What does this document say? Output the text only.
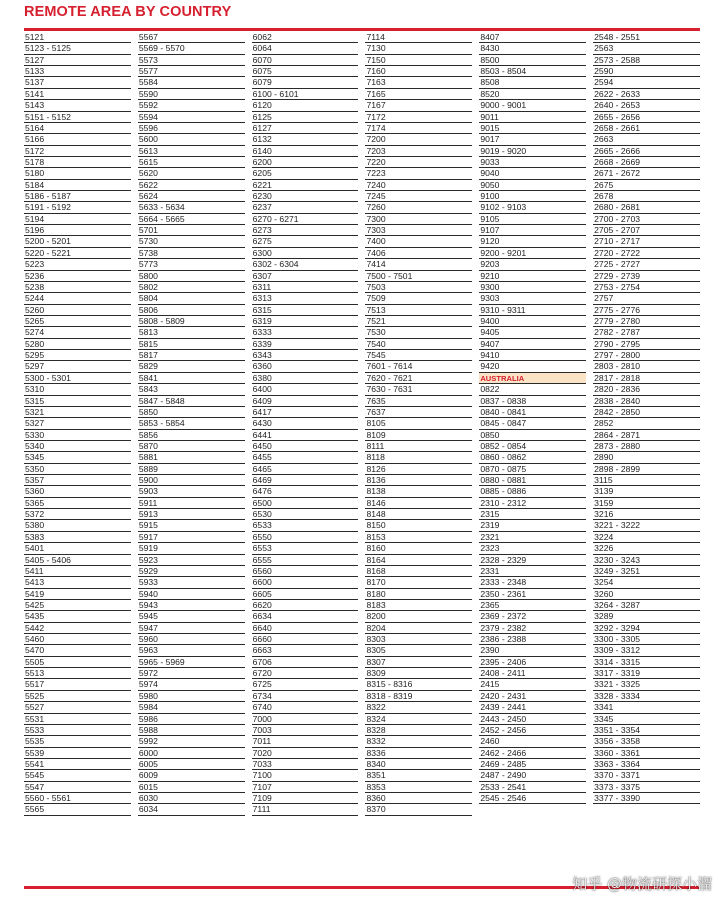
REMOTE AREA BY COUNTRY
5121
5123 - 5125
5127
5133
5137
5141
5143
5151 - 5152
5164
5166
5172
5178
5180
5184
5186 - 5187
5191 - 5192
5194
5196
5200 - 5201
5220 - 5221
5223
5236
5238
5244
5260
5265
5274
5280
5295
5297
5300 - 5301
5310
5315
5321
5327
5330
5340
5345
5350
5357
5360
5365
5372
5380
5383
5401
5405 - 5406
5411
5413
5419
5425
5435
5442
5460
5470
5505
5513
5517
5525
5527
5531
5533
5535
5539
5541
5545
5547
5560 - 5561
5565
5567
5569 - 5570
5573
5577
5584
5590
5592
5594
5596
5600
5613
5615
5620
5622
5624
5633 - 5634
5664 - 5665
5701
5730
5738
5773
5800
5802
5804
5806
5808 - 5809
5813
5815
5817
5829
5841
5843
5847 - 5848
5850
5853 - 5854
5856
5870
5881
5889
5900
5903
5911
5913
5915
5917
5919
5923
5929
5933
5940
5943
5945
5947
5960
5963
5965 - 5969
5972
5974
5980
5984
5986
5988
5992
6000
6005
6009
6015
6030
6034
6062
6064
6070
6075
6079
6100 - 6101
6120
6125
6127
6132
6140
6200
6205
6221
6230
6237
6270 - 6271
6273
6275
6300
6302 - 6304
6307
6311
6313
6315
6319
6333
6339
6343
6360
6380
6400
6409
6417
6430
6441
6450
6455
6465
6469
6476
6500
6530
6533
6550
6553
6555
6560
6600
6605
6620
6634
6640
6660
6663
6706
6720
6725
6734
6740
7000
7003
7011
7020
7033
7100
7107
7109
7111
7114
7130
7150
7160
7163
7165
7167
7172
7174
7200
7203
7220
7223
7240
7245
7260
7300
7303
7400
7406
7414
7500 - 7501
7503
7509
7513
7521
7530
7540
7545
7601 - 7614
7620 - 7621
7630 - 7631
7635
7637
8105
8109
8111
8118
8126
8136
8138
8146
8148
8150
8153
8160
8164
8168
8170
8180
8183
8200
8204
8303
8305
8307
8309
8315 - 8316
8318 - 8319
8322
8324
8328
8332
8336
8340
8351
8353
8360
8370
8407
8430
8500
8503 - 8504
8508
8520
9000 - 9001
9011
9015
9017
9019 - 9020
9033
9040
9050
9100
9102 - 9103
9105
9107
9120
9200 - 9201
9203
9210
9300
9303
9310 - 9311
9400
9405
9407
9410
9420
AUSTRALIA
0822
0837 - 0838
0840 - 0841
0845 - 0847
0850
0852 - 0854
0860 - 0862
0870 - 0875
0880 - 0881
0885 - 0886
2310 - 2312
2315
2319
2321
2323
2328 - 2329
2331
2333 - 2348
2350 - 2361
2365
2369 - 2372
2379 - 2382
2386 - 2388
2390
2395 - 2406
2408 - 2411
2415
2420 - 2431
2439 - 2441
2443 - 2450
2452 - 2456
2460
2462 - 2466
2469 - 2485
2487 - 2490
2533 - 2541
2545 - 2546
2548 - 2551
2563
2573 - 2588
2590
2594
2622 - 2633
2640 - 2653
2655 - 2656
2658 - 2661
2663
2665 - 2666
2668 - 2669
2671 - 2672
2675
2678
2680 - 2681
2700 - 2703
2705 - 2707
2710 - 2717
2720 - 2722
2725 - 2727
2729 - 2739
2753 - 2754
2757
2775 - 2776
2779 - 2780
2782 - 2787
2790 - 2795
2797 - 2800
2803 - 2810
2817 - 2818
2820 - 2836
2838 - 2840
2842 - 2850
2852
2864 - 2871
2873 - 2880
2890
2898 - 2899
3115
3139
3159
3216
3221 - 3222
3224
3226
3230 - 3243
3249 - 3251
3254
3260
3264 - 3287
3289
3292 - 3294
3300 - 3305
3309 - 3312
3314 - 3315
3317 - 3319
3321 - 3325
3328 - 3334
3341
3345
3351 - 3354
3356 - 3358
3360 - 3361
3363 - 3364
3370 - 3371
3373 - 3375
3377 - 3390
知乎 @物流研探小溜
